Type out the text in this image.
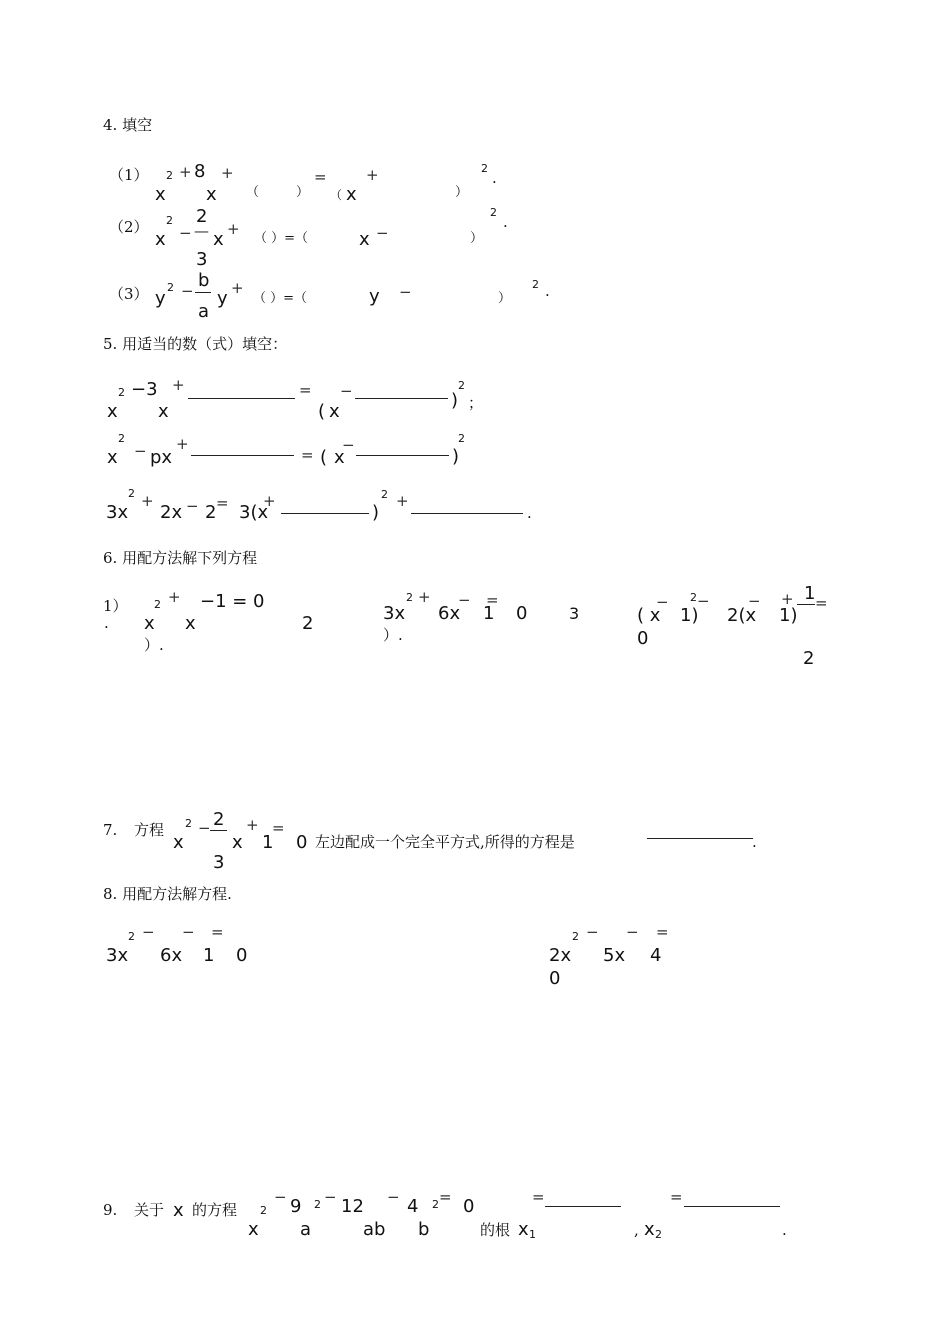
4. 填空
（1）
x
2 + 8
x
+
（	）
=
（ x
+
）
2
.
（2）
x
2
−
2
—
3
x +
（ ）=（	x −	）
2
.
（3） y
2 − b
a
y +
（ ）=（	y −	）
2 .
5. 用适当的数（式）填空：
x
2 −3
x
+	=
( x
−	)
2
；
x
2
− px
+
= ( x
−
)
2
3x
2 +
2x − 2 = 3(x
+
)
2 +
.
6. 用配方法解下列方程
1）
. x
2 +
x
−1 = 0
2
）.
3x
2 +
6x
−
1
=
0	3
）.
( x
−
1)
2 −
2(x
−
1)
+ 1 =
0
2
7. 方程
x
2 − 2
3
x
+
1
=
0 左边配成一个完全平方式,所得的方程是	.
8. 用配方法解方程.
3x
2 −
6x
−
1
=
0	2x
2 −
5x
−
4
=
0
9. 关于 x 的方程
x
2
− 9
a
2 − 12
ab
− 4
b
2 = 0
的根 x 1
=
, x 2
=
.
